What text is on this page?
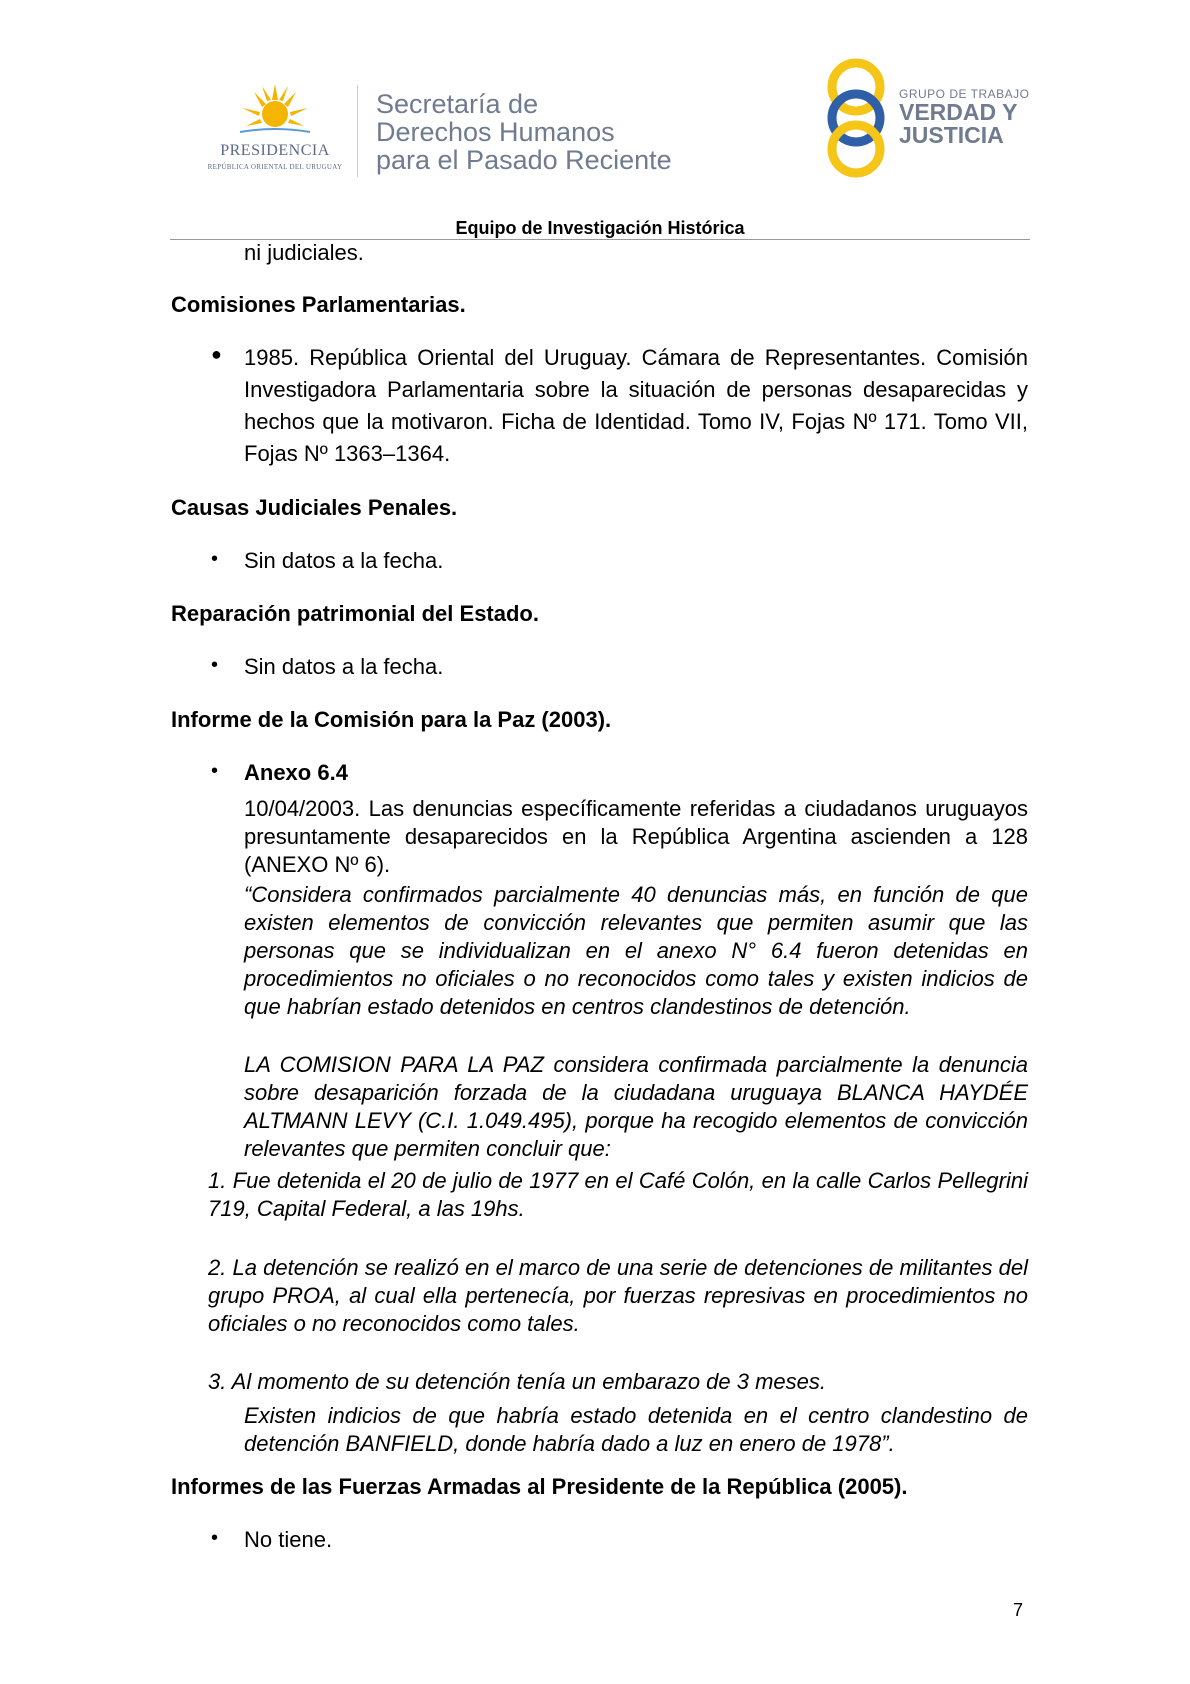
PRESIDENCIA
REPÚBLICA ORIENTAL DEL URUGUAY
Secretaría de
Derechos Humanos
para el Pasado Reciente
GRUPO DE TRABAJO
VERDAD Y
JUSTICIA
Equipo de Investigación Histórica
ni judiciales.
Comisiones Parlamentarias.
● 1985. República Oriental del Uruguay. Cámara de Representantes. Comisión Investigadora Parlamentaria sobre la situación de personas desaparecidas y hechos que la motivaron. Ficha de Identidad. Tomo IV, Fojas Nº 171. Tomo VII, Fojas Nº 1363–1364.
Causas Judiciales Penales.
• Sin datos a la fecha.
Reparación patrimonial del Estado.
• Sin datos a la fecha.
Informe de la Comisión para la Paz (2003).
• Anexo 6.4
10/04/2003. Las denuncias específicamente referidas a ciudadanos uruguayos presuntamente desaparecidos en la República Argentina ascienden a 128 (ANEXO Nº 6).
“Considera confirmados parcialmente 40 denuncias más, en función de que existen elementos de convicción relevantes que permiten asumir que las personas que se individualizan en el anexo N° 6.4 fueron detenidas en procedimientos no oficiales o no reconocidos como tales y existen indicios de que habrían estado detenidos en centros clandestinos de detención.
LA COMISION PARA LA PAZ considera confirmada parcialmente la denuncia sobre desaparición forzada de la ciudadana uruguaya BLANCA HAYDÉE ALTMANN LEVY (C.I. 1.049.495), porque ha recogido elementos de convicción relevantes que permiten concluir que:
1. Fue detenida el 20 de julio de 1977 en el Café Colón, en la calle Carlos Pellegrini 719, Capital Federal, a las 19hs.
2. La detención se realizó en el marco de una serie de detenciones de militantes del grupo PROA, al cual ella pertenecía, por fuerzas represivas en procedimientos no oficiales o no reconocidos como tales.
3. Al momento de su detención tenía un embarazo de 3 meses.
Existen indicios de que habría estado detenida en el centro clandestino de detención BANFIELD, donde habría dado a luz en enero de 1978”.
Informes de las Fuerzas Armadas al Presidente de la República (2005).
• No tiene.
7
